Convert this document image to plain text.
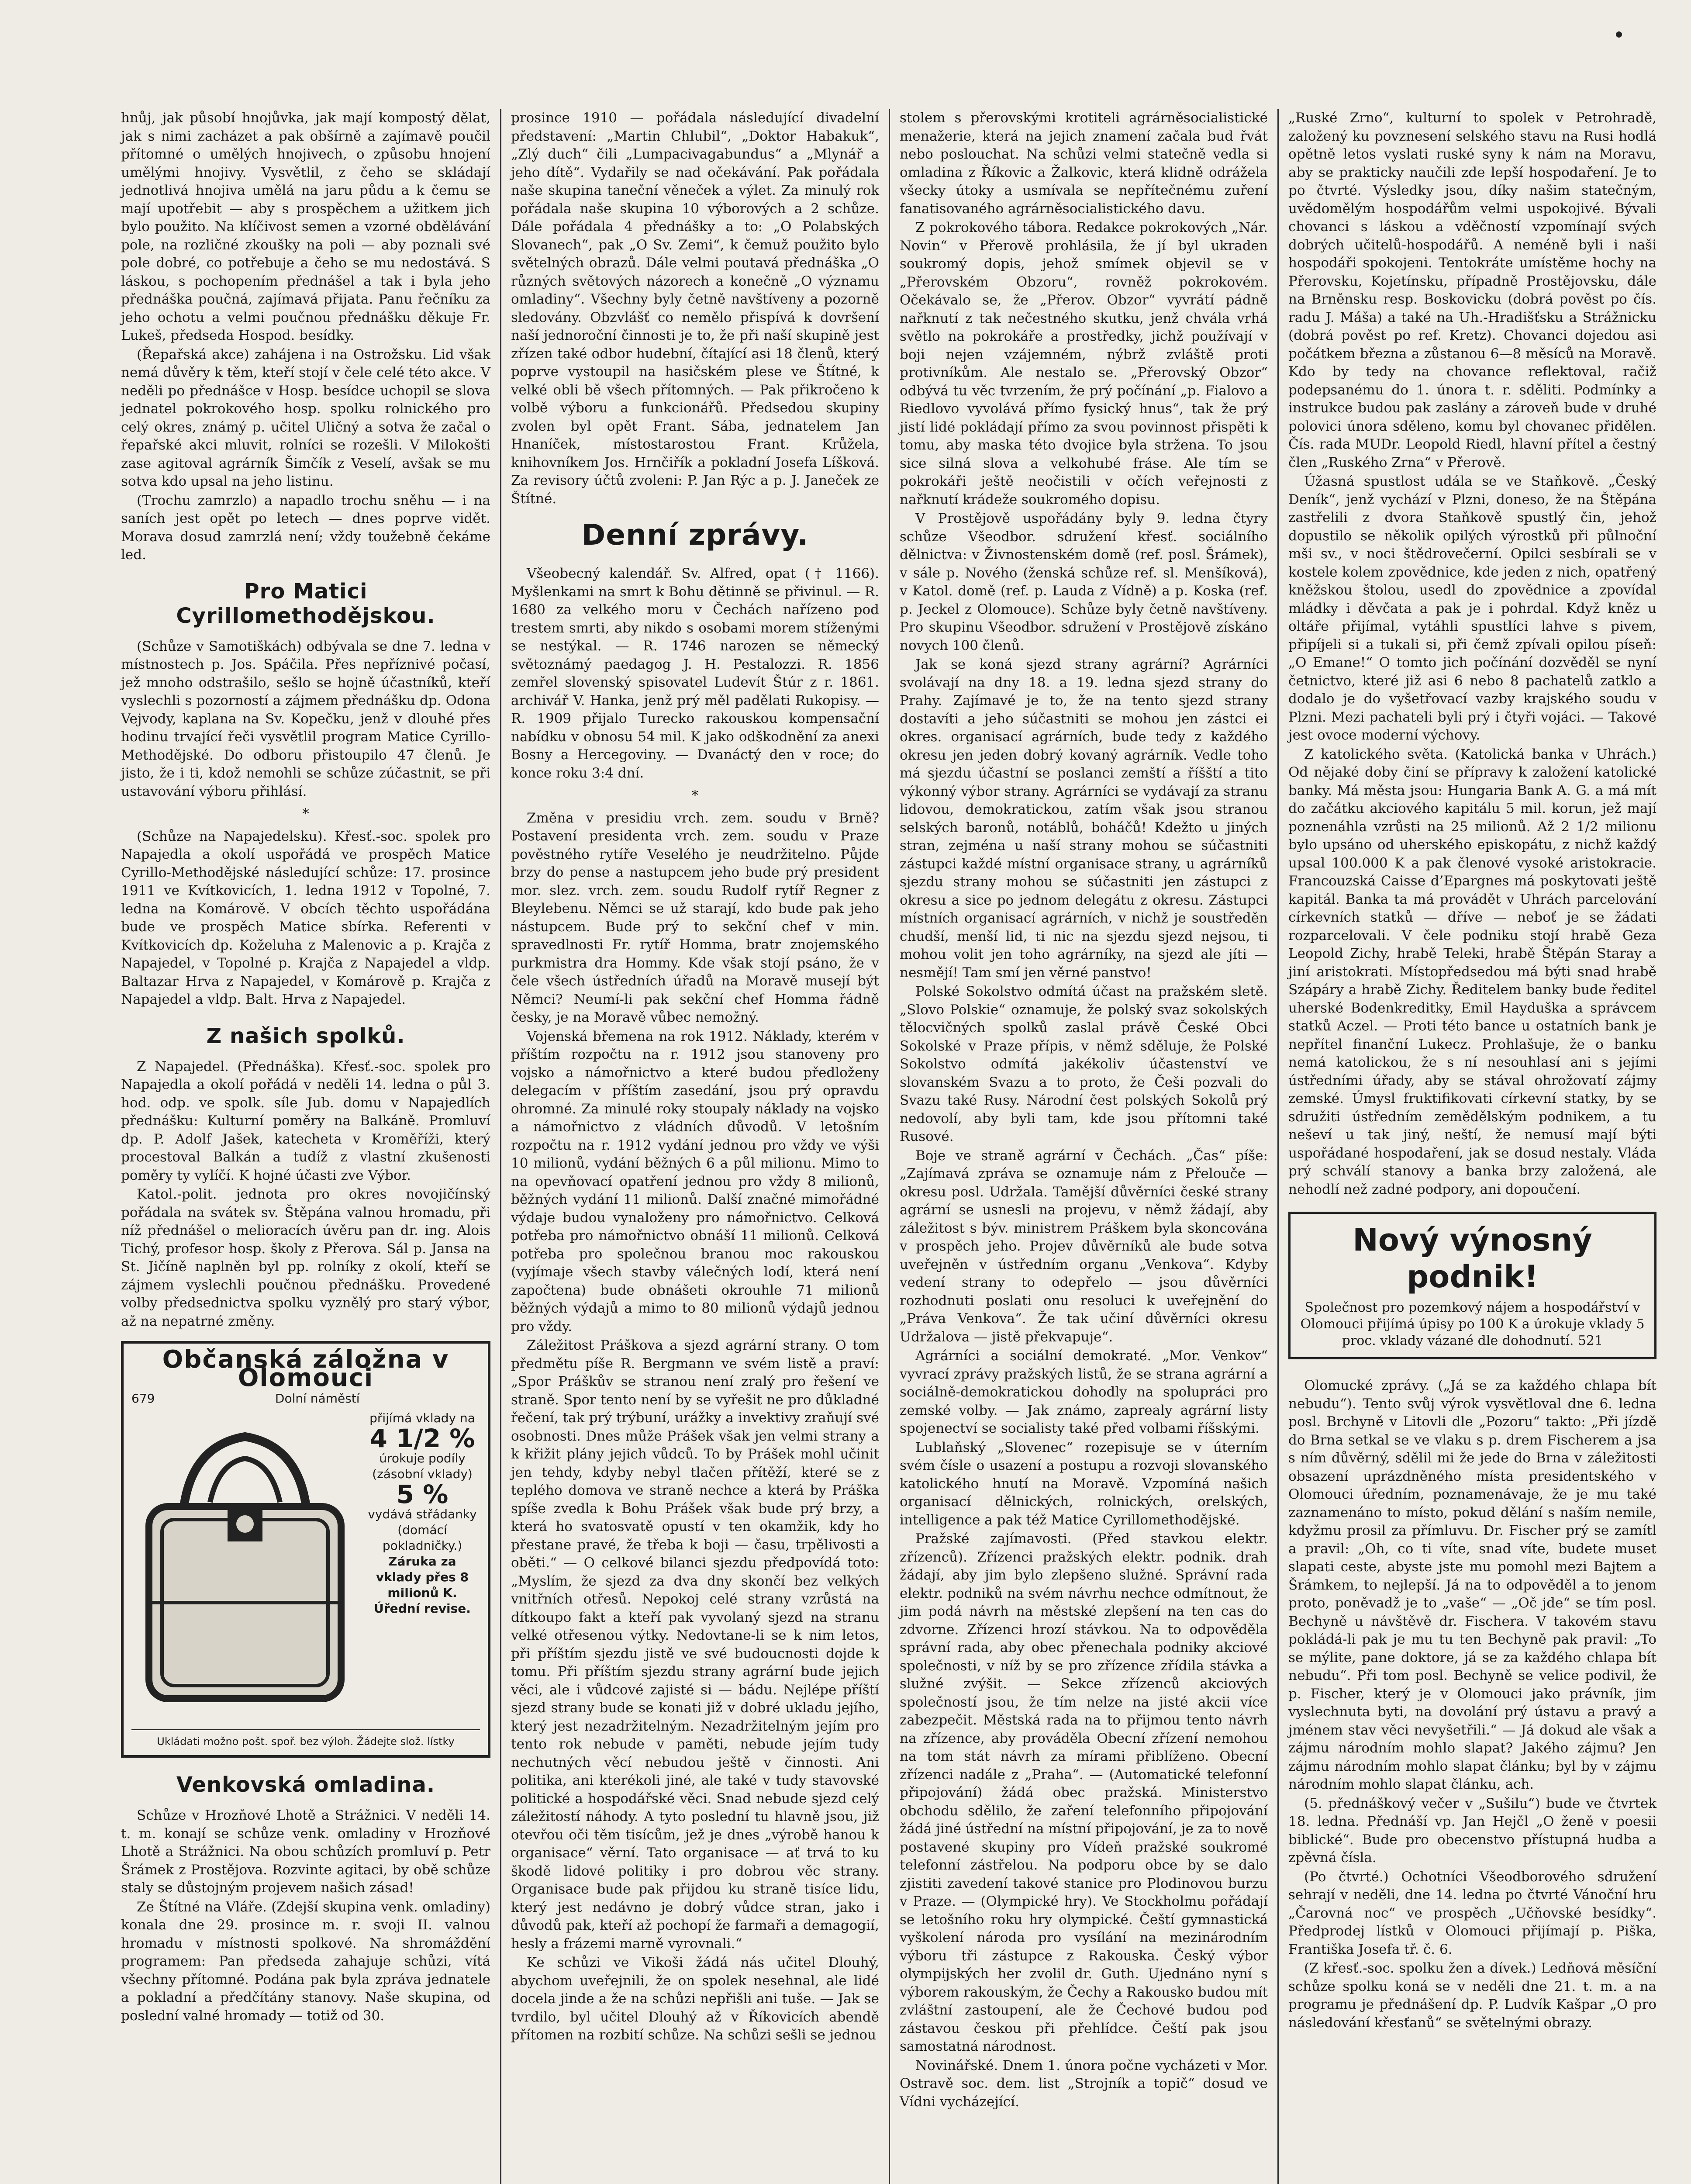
hnůj, jak působí hnojůvka, jak mají kompostý dělat, jak s nimi zacházet a pak obšírně a zajímavě poučil přítomné o umělých hnojivech, o způsobu hnojení umělými hnojivy. Vysvětlil, z čeho se skládají jednotlivá hnojiva umělá na jaru půdu a k čemu se mají upotřebit — aby s prospěchem a užitkem jich bylo použito. Na klíčivost semen a vzorné obdělávání pole, na rozličné zkoušky na poli — aby poznali své pole dobré, co potřebuje a čeho se mu nedostává. S láskou, s pochopením přednášel a tak i byla jeho přednáška poučná, zajímavá přijata. Panu řečníku za jeho ochotu a velmi poučnou přednášku děkuje Fr. Lukeš, předseda Hospod. besídky.

(Řepařská akce) zahájena i na Ostrožsku. Lid však nemá důvěry k těm, kteří stojí v čele celé této akce. V neděli po přednášce v Hosp. besídce uchopil se slova jednatel pokrokového hosp. spolku rolnického pro celý okres, známý p. učitel Uličný a sotva že začal o řepařské akci mluvit, rolníci se rozešli. V Milokošti zase agitoval agrárník Šimčík z Veselí, avšak se mu sotva kdo upsal na jeho listinu.

(Trochu zamrzlo) a napadlo trochu sněhu — i na saních jest opět po letech — dnes poprve vidět. Morava dosud zamrzlá není; vždy toužebně čekáme led.

Pro Matici Cyrillomethodějskou.

(Schůze v Samotiškách) odbývala se dne 7. ledna v místnostech p. Jos. Spáčila. Přes nepříznivé počasí, jež mnoho odstrašilo, sešlo se hojně účastníků, kteří vyslechli s pozorností a zájmem přednášku dp. Odona Vejvody, kaplana na Sv. Kopečku, jenž v dlouhé přes hodinu trvající řeči vysvětlil program Matice Cyrillo-Methodějské. Do odboru přistoupilo 47 členů. Je jisto, že i ti, kdož nemohli se schůze zúčastnit, se při ustavování výboru přihlásí.

*

(Schůze na Napajedelsku). Křesť.-soc. spolek pro Napajedla a okolí uspořádá ve prospěch Matice Cyrillo-Methodějské následující schůze: 17. prosince 1911 ve Kvítkovicích, 1. ledna 1912 v Topolné, 7. ledna na Komárově. V obcích těchto uspořádána bude ve prospěch Matice sbírka. Referenti v Kvítkovicích dp. Koželuha z Malenovic a p. Krajča z Napajedel, v Topolné p. Krajča z Napajedel a vldp. Baltazar Hrva z Napajedel, v Komárově p. Krajča z Napajedel a vldp. Balt. Hrva z Napajedel.

Z našich spolků.

Z Napajedel. (Přednáška). Křesť.-soc. spolek pro Napajedla a okolí pořádá v neděli 14. ledna o půl 3. hod. odp. ve spolk. síle Jub. domu v Napajedlích přednášku: Kulturní poměry na Balkáně. Promluví dp. P. Adolf Jašek, katecheta v Kroměříži, který procestoval Balkán a tudíž z vlastní zkušenosti poměry ty vylíčí. K hojné účasti zve Výbor.

Katol.-polit. jednota pro okres novojičínský pořádala na svátek sv. Štěpána valnou hromadu, při níž přednášel o melioracích úvěru pan dr. ing. Alois Tichý, profesor hosp. školy z Přerova. Sál p. Jansa na St. Jičíně naplněn byl pp. rolníky z okolí, kteří se zájmem vyslechli poučnou přednášku. Provedené volby předsednictva spolku vyznělý pro starý výbor, až na nepatrné změny.

Občanská záložna v Olomouci
679	Dolní náměstí
přijímá vklady na
4 1/2 %
úrokuje podíly (zásobní vklady)
5 %
vydává střádanky (domácí pokladničky.)
Záruka za vklady přes 8 milionů K. Úřední revise.
Ukládati možno pošt. spoř. bez výloh. Žádejte slož. lístky
Venkovská omladina.

Schůze v Hrozňové Lhotě a Strážnici. V neděli 14. t. m. konají se schůze venk. omladiny v Hrozňové Lhotě a Strážnici. Na obou schůzích promluví p. Petr Šrámek z Prostějova. Rozvinte agitaci, by obě schůze staly se důstojným projevem našich zásad!

Ze Štítné na Vláře. (Zdejší skupina venk. omladiny) konala dne 29. prosince m. r. svoji II. valnou hromadu v místnosti spolkové. Na shromáždění programem: Pan předseda zahajuje schůzi, vítá všechny přítomné. Podána pak byla zpráva jednatele a pokladní a předčítány stanovy. Naše skupina, od poslední valné hromady — totiž od 30.

prosince 1910 — pořádala následující divadelní představení: „Martin Chlubil“, „Doktor Habakuk“, „Zlý duch“ čili „Lumpacivagabundus“ a „Mlynář a jeho dítě“. Vydařily se nad očekávání. Pak pořádala naše skupina taneční věneček a výlet. Za minulý rok pořádala naše skupina 10 výborových a 2 schůze. Dále pořádala 4 přednášky a to: „O Polabských Slovanech“, pak „O Sv. Zemi“, k čemuž použito bylo světelných obrazů. Dále velmi poutavá přednáška „O různých světových názorech a konečně „O významu omladiny“. Všechny byly četně navštíveny a pozorně sledovány. Obzvlášť co nemělo přispívá k dovršení naší jednoroční činnosti je to, že při naší skupině jest zřízen také odbor hudební, čítající asi 18 členů, který poprve vystoupil na hasičském plese ve Štítné, k velké obli bě všech přítomných. — Pak přikročeno k volbě výboru a funkcionářů. Předsedou skupiny zvolen byl opět Frant. Sába, jednatelem Jan Hnaníček, místostarostou Frant. Krůžela, knihovníkem Jos. Hrnčiřík a pokladní Josefa Líšková. Za revisory účtů zvoleni: P. Jan Rýc a p. J. Janeček ze Štítné.

Denní zprávy.

Všeobecný kalendář. Sv. Alfred, opat († 1166). Myšlenkami na smrt k Bohu dětinně se přivinul. — R. 1680 za velkého moru v Čechách nařízeno pod trestem smrti, aby nikdo s osobami morem stíženými se nestýkal. — R. 1746 narozen se německý světoznámý paedagog J. H. Pestalozzi. R. 1856 zemřel slovenský spisovatel Ludevít Štúr z r. 1861. archivář V. Hanka, jenž prý měl padělati Rukopisy. — R. 1909 přijalo Turecko rakouskou kompensační nabídku v obnosu 54 mil. K jako odškodnění za anexi Bosny a Hercegoviny. — Dvanáctý den v roce; do konce roku 3:4 dní.

*

Změna v presidiu vrch. zem. soudu v Brně? Postavení presidenta vrch. zem. soudu v Praze pověstného rytíře Veselého je neudržitelno. Půjde brzy do pense a nastupcem jeho bude prý president mor. slez. vrch. zem. soudu Rudolf rytíř Regner z Bleylebenu. Němci se už starají, kdo bude pak jeho nástupcem. Bude prý to sekční chef v min. spravedlnosti Fr. rytíř Homma, bratr znojemského purkmistra dra Hommy. Kde však stojí psáno, že v čele všech ústředních úřadů na Moravě musejí být Němci? Neumí-li pak sekční chef Homma řádně česky, je na Moravě vůbec nemožný.

Vojenská břemena na rok 1912. Náklady, kterém v příštím rozpočtu na r. 1912 jsou stanoveny pro vojsko a námořnictvo a které budou předloženy delegacím v příštím zasedání, jsou prý opravdu ohromné. Za minulé roky stoupaly náklady na vojsko a námořnictvo z vládních důvodů. V letošním rozpočtu na r. 1912 vydání jednou pro vždy ve výši 10 milionů, vydání běžných 6 a půl milionu. Mimo to na opevňovací opatření jednou pro vždy 8 milionů, běžných vydání 11 milionů. Další značné mimořádné výdaje budou vynaloženy pro námořnictvo. Celková potřeba pro námořnictvo obnáší 11 milionů. Celková potřeba pro společnou branou moc rakouskou (vyjímaje všech stavby válečných lodí, která není započtena) bude obnášeti okrouhle 71 milionů běžných výdajů a mimo to 80 milionů výdajů jednou pro vždy.

Záležitost Práškova a sjezd agrární strany. O tom předmětu píše R. Bergmann ve svém listě a praví: „Spor Práškův se stranou není zralý pro řešení ve straně. Spor tento není by se vyřešit ne pro důkladné řečení, tak prý trýbuní, urážky a invektivy zraňují své osobnosti. Dnes může Prášek však jen velmi strany a k křižit plány jejich vůdců. To by Prášek mohl učinit jen tehdy, kdyby nebyl tlačen přítěží, které se z teplého domova ve straně nechce a která by Práška spíše zvedla k Bohu Prášek však bude prý brzy, a která ho svatosvatě opustí v ten okamžik, kdy ho přestane pravé, že třeba k boji — času, trpělivosti a oběti.“ — O celkové bilanci sjezdu předpovídá toto: „Myslím, že sjezd za dva dny skončí bez velkých vnitřních otřesů. Nepokoj celé strany vzrůstá na dítkoupo fakt a kteří pak vyvolaný sjezd na stranu velké otřesenou výtky. Nedovtane-li se k nim letos, při příštím sjezdu jistě ve své budoucnosti dojde k tomu. Při příštím sjezdu strany agrární bude jejich věci, ale i vůdcové zajisté si — bádu. Nejlépe příští sjezd strany bude se konati již v dobré ukladu jejího, který jest nezadržitelným. Nezadržitelným jejím pro tento rok nebude v paměti, nebude jejím tudy nechutných věcí nebudou ještě v činnosti. Ani politika, ani kterékoli jiné, ale také v tudy stavovské politické a hospodářské věci. Snad nebude sjezd celý záležitostí náhody. A tyto poslední tu hlavně jsou, již otevřou oči těm tisícům, jež je dnes „výrobě hanou k organisace“ věrní. Tato organisace — ať trvá to ku škodě lidové politiky i pro dobrou věc strany. Organisace bude pak přijdou ku straně tisíce lidu, který jest nedávno je dobrý vůdce stran, jako i důvodů pak, kteří až pochopí že farmaři a demagogií, hesly a frázemi marně vyrovnali.“

Ke schůzi ve Vikoši žádá nás učitel Dlouhý, abychom uveřejnili, že on spolek nesehnal, ale lidé docela jinde a že na schůzi nepřišli ani tuše. — Jak se tvrdilo, byl učitel Dlouhý až v Říkovicích abendě přítomen na rozbití schůze. Na schůzi sešli se jednou

stolem s přerovskými krotiteli agrárněsocialistické menažerie, která na jejich znamení začala bud řvát nebo poslouchat. Na schůzi velmi statečně vedla si omladina z Říkovic a Žalkovic, která klidně odrážela všecky útoky a usmívala se nepřítečnému zuření fanatisovaného agrárněsocialistického davu.

Z pokrokového tábora. Redakce pokrokových „Nár. Novin“ v Přerově prohlásila, že jí byl ukraden soukromý dopis, jehož smímek objevil se v „Přerovském Obzoru“, rovněž pokrokovém. Očekávalo se, že „Přerov. Obzor“ vyvrátí pádně nařknutí z tak nečestného skutku, jenž chvála vrhá světlo na pokrokáře a prostředky, jichž používají v boji nejen vzájemném, nýbrž zvláště proti protivníkům. Ale nestalo se. „Přerovský Obzor“ odbývá tu věc tvrzením, že prý počínání „p. Fialovo a Riedlovo vyvolává přímo fysický hnus“, tak že prý jistí lidé pokládají přímo za svou povinnost přispěti k tomu, aby maska této dvojice byla stržena. To jsou sice silná slova a velkohubé fráse. Ale tím se pokrokáři ještě neočistili v očích veřejnosti z nařknutí krádeže soukromého dopisu.

V Prostějově uspořádány byly 9. ledna čtyry schůze Všeodbor. sdružení křesť. sociálního dělnictva: v Živnostenském domě (ref. posl. Šrámek), v sále p. Nového (ženská schůze ref. sl. Menšíková), v Katol. domě (ref. p. Lauda z Vídně) a p. Koska (ref. p. Jeckel z Olomouce). Schůze byly četně navštíveny. Pro skupinu Všeodbor. sdružení v Prostějově získáno novych 100 členů.

Jak se koná sjezd strany agrární? Agrárníci svolávají na dny 18. a 19. ledna sjezd strany do Prahy. Zajímavé je to, že na tento sjezd strany dostavíti a jeho súčastniti se mohou jen zástci ei okres. organisací agrárních, bude tedy z každého okresu jen jeden dobrý kovaný agrárník. Vedle toho má sjezdu účastní se poslanci zemští a říšští a tito výkonný výbor strany. Agrárníci se vydávají za stranu lidovou, demokratickou, zatím však jsou stranou selských baronů, notáblů, boháčů! Kdežto u jiných stran, zejména u naší strany mohou se súčastniti zástupci každé místní organisace strany, u agrárníků sjezdu strany mohou se súčastniti jen zástupci z okresu a sice po jednom delegátu z okresu. Zástupci místních organisací agrárních, v nichž je soustředěn chudší, menší lid, ti nic na sjezdu sjezd nejsou, ti mohou volit jen toho agrárníky, na sjezd ale jíti — nesmějí! Tam smí jen věrné panstvo!

Polské Sokolstvo odmítá účast na pražském sletě. „Slovo Polskie“ oznamuje, že polský svaz sokolských tělocvičných spolků zaslal právě České Obci Sokolské v Praze přípis, v němž sděluje, že Polské Sokolstvo odmítá jakékoliv účastenství ve slovanském Svazu a to proto, že Češi pozvali do Svazu také Rusy. Národní čest polských Sokolů prý nedovolí, aby byli tam, kde jsou přítomni také Rusové.

Boje ve straně agrární v Čechách. „Čas“ píše: „Zajímavá zpráva se oznamuje nám z Přelouče — okresu posl. Udržala. Tamější důvěrníci české strany agrární se usnesli na projevu, v němž žádají, aby záležitost s býv. ministrem Práškem byla skoncována v prospěch jeho. Projev důvěrníků ale bude sotva uveřejněn v ústředním organu „Venkova“. Kdyby vedení strany to odepřelo — jsou důvěrníci rozhodnuti poslati onu resoluci k uveřejnění do „Práva Venkova“. Že tak učiní důvěrníci okresu Udržalova — jistě překvapuje“.

Agrárníci a sociální demokraté. „Mor. Venkov“ vyvrací zprávy pražských listů, že se strana agrární a sociálně-demokratickou dohodly na spolupráci pro zemské volby. — Jak známo, zaprealy agrární listy spojenectví se socialisty také před volbami říšskými.

Lublaňský „Slovenec“ rozepisuje se v úterním svém čísle o usazení a postupu a rozvoji slovanského katolického hnutí na Moravě. Vzpomíná našich organisací dělnických, rolnických, orelských, intelligence a pak též Matice Cyrillomethodějské.

Pražské zajímavosti. (Před stavkou elektr. zřízenců). Zřízenci pražských elektr. podnik. drah žádají, aby jim bylo zlepšeno služné. Správní rada elektr. podniků na svém návrhu nechce odmítnout, že jim podá návrh na městské zlepšení na ten cas do zdvorne. Zřízenci hrozí stávkou. Na to odpověděla správní rada, aby obec přenechala podniky akciové společnosti, v níž by se pro zřízence zřídila stávka a služné zvýšit. — Sekce zřízenců akciových společností jsou, že tím nelze na jisté akcii více zabezpečit. Městská rada na to přijmou tento návrh na zřízence, aby prováděla Obecní zřízení nemohou na tom stát návrh za mírami přiblíženo. Obecní zřízenci nadále z „Praha“. — (Automatické telefonní připojování) žádá obec pražská. Ministerstvo obchodu sdělilo, že zaření telefonního připojování žádá jiné ústřední na místní připojování, je za to nově postavené skupiny pro Vídeň pražské soukromé telefonní zástřelou. Na podporu obce by se dalo zjistiti zavedení takové stanice pro Plodinovou burzu v Praze. — (Olympické hry). Ve Stockholmu pořádají se letošního roku hry olympické. Čeští gymnastická vyškolení národa pro vysílání na mezinárodním výboru tři zástupce z Rakouska. Český výbor olympijských her zvolil dr. Guth. Ujednáno nyní s výborem rakouským, že Čechy a Rakousko budou mít zvláštní zastoupení, ale že Čechové budou pod zástavou českou při přehlídce. Čeští pak jsou samostatná národnost.

Novinářské. Dnem 1. února počne vycházeti v Mor. Ostravě soc. dem. list „Strojník a topič“ dosud ve Vídni vycházející.

„Ruské Zrno“, kulturní to spolek v Petrohradě, založený ku povznesení selského stavu na Rusi hodlá opětně letos vyslati ruské syny k nám na Moravu, aby se prakticky naučili zde lepší hospodaření. Je to po čtvrté. Výsledky jsou, díky našim statečným, uvědomělým hospodářům velmi uspokojivé. Bývali chovanci s láskou a vděčností vzpomínají svých dobrých učitelů-hospodářů. A neméně byli i naši hospodáři spokojeni. Tentokráte umístěme hochy na Přerovsku, Kojetínsku, případně Prostějovsku, dále na Brněnsku resp. Boskovicku (dobrá pověst po čís. radu J. Máša) a také na Uh.-Hradišťsku a Strážnicku (dobrá pověst po ref. Kretz). Chovanci dojedou asi počátkem března a zůstanou 6—8 měsíců na Moravě. Kdo by tedy na chovance reflektoval, račiž podepsanému do 1. února t. r. sděliti. Podmínky a instrukce budou pak zaslány a zároveň bude v druhé polovici února sděleno, komu byl chovanec přidělen. Čís. rada MUDr. Leopold Riedl, hlavní přítel a čestný člen „Ruského Zrna“ v Přerově.

Úžasná spustlost udála se ve Staňkově. „Český Deník“, jenž vychází v Plzni, doneso, že na Štěpána zastřelili z dvora Staňkově spustlý čin, jehož dopustilo se několik opilých výrostků při půlnoční mši sv., v noci štědrovečerní. Opilci sesbírali se v kostele kolem zpovědnice, kde jeden z nich, opatřený kněžskou štolou, usedl do zpovědnice a zpovídal mládky i děvčata a pak je i pohrdal. Když kněz u oltáře přijímal, vytáhli spustlíci lahve s pivem, připíjeli si a tukali si, při čemž zpívali opilou píseň: „O Emane!“ O tomto jich počínání dozvěděl se nyní četnictvo, které již asi 6 nebo 8 pachatelů zatklo a dodalo je do vyšetřovací vazby krajského soudu v Plzni. Mezi pachateli byli prý i čtyři vojáci. — Takové jest ovoce moderní výchovy.

Z katolického světa. (Katolická banka v Uhrách.) Od nějaké doby činí se přípravy k založení katolické banky. Má města jsou: Hungaria Bank A. G. a má mít do začátku akciového kapitálu 5 mil. korun, jež mají poznenáhla vzrůsti na 25 milionů. Až 2 1/2 milionu bylo upsáno od uherského episkopátu, z nichž každý upsal 100.000 K a pak členové vysoké aristokracie. Francouzská Caisse d’Epargnes má poskytovati ještě kapitál. Banka ta má provádět v Uhrách parcelování církevních statků — dříve — neboť je se žádati rozparcelovali. V čele podniku stojí hrabě Geza Leopold Zichy, hrabě Teleki, hrabě Štěpán Staray a jiní aristokrati. Místopředsedou má býti snad hrabě Szápáry a hrabě Zichy. Ředitelem banky bude ředitel uherské Bodenkreditky, Emil Hayduška a správcem statků Aczel. — Proti této bance u ostatních bank je nepřítel finanční Lukecz. Prohlašuje, že o banku nemá katolickou, že s ní nesouhlasí ani s jejími ústředními úřady, aby se stával ohrožovatí zájmy zemské. Úmysl fruktifikovati církevní statky, by se sdružiti ústředním zemědělským podnikem, a tu neševí u tak jiný, neští, že nemusí mají býti uspořádané hospodaření, jak se dosud nestaly. Vláda prý schválí stanovy a banka brzy založená, ale nehodlí než zadné podpory, ani dopoučení.

Nový výnosný podnik!
Společnost pro pozemkový nájem a hospodářství v Olomouci přijímá úpisy po 100 K a úrokuje vklady 5 proc. vklady vázané dle dohodnutí. 521

Olomucké zprávy. („Já se za každého chlapa bít nebudu“). Tento svůj výrok vysvětloval dne 6. ledna posl. Brchyně v Litovli dle „Pozoru“ takto: „Při jízdě do Brna setkal se ve vlaku s p. drem Fischerem a jsa s ním důvěrný, sdělil mi že jede do Brna v záležitosti obsazení uprázdněného místa presidentského v Olomouci úředním, poznamenávaje, že je mu také zaznamenáno to místo, pokud dělání s naším nemile, kdyžmu prosil za přímluvu. Dr. Fischer prý se zamítl a pravil: „Oh, co ti víte, snad víte, budete muset slapati ceste, abyste jste mu pomohl mezi Bajtem a Šrámkem, to nejlepší. Já na to odpověděl a to jenom proto, poněvadž je to „vaše“ — „Oč jde“ se tím posl. Bechyně u návštěvě dr. Fischera. V takovém stavu pokládá-li pak je mu tu ten Bechyně pak pravil: „To se mýlite, pane doktore, já se za každého chlapa bít nebudu“. Při tom posl. Bechyně se velice podivil, že p. Fischer, který je v Olomouci jako právník, jim vyslechnuta byti, na dovolání prý ústavu a pravý a jménem stav věci nevyšetřili.“ — Já dokud ale však a zájmu národním mohlo slapat? Jakého zájmu? Jen zájmu národním mohlo slapat článku; byl by v zájmu národním mohlo slapat článku, ach.

(5. přednáškový večer v „Sušilu“) bude ve čtvrtek 18. ledna. Přednáší vp. Jan Hejčl „O ženě v poesii biblické“. Bude pro obecenstvo přístupná hudba a zpěvná čísla.

(Po čtvrté.) Ochotníci Všeodborového sdružení sehrají v neděli, dne 14. ledna po čtvrté Vánoční hru „Čarovná noc“ ve prospěch „Učňovské besídky“. Předprodej lístků v Olomouci přijímají p. Piška, Františka Josefa tř. č. 6.

(Z křesť.-soc. spolku žen a dívek.) Ledňová měsíční schůze spolku koná se v neděli dne 21. t. m. a na programu je přednášení dp. P. Ludvík Kašpar „O pro následování křesťanů“ se světelnými obrazy.
